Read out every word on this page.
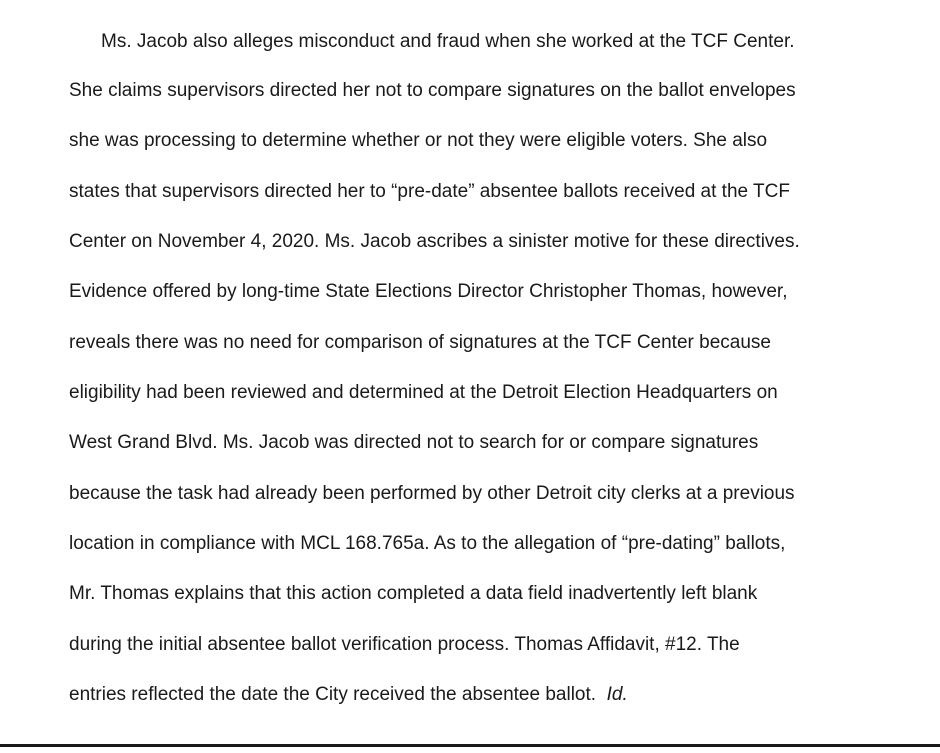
Ms. Jacob also alleges misconduct and fraud when she worked at the TCF Center.
She claims supervisors directed her not to compare signatures on the ballot envelopes
she was processing to determine whether or not they were eligible voters. She also
states that supervisors directed her to “pre-date” absentee ballots received at the TCF
Center on November 4, 2020. Ms. Jacob ascribes a sinister motive for these directives.
Evidence offered by long-time State Elections Director Christopher Thomas, however,
reveals there was no need for comparison of signatures at the TCF Center because
eligibility had been reviewed and determined at the Detroit Election Headquarters on
West Grand Blvd. Ms. Jacob was directed not to search for or compare signatures
because the task had already been performed by other Detroit city clerks at a previous
location in compliance with MCL 168.765a. As to the allegation of “pre-dating” ballots,
Mr. Thomas explains that this action completed a data field inadvertently left blank
during the initial absentee ballot verification process. Thomas Affidavit, #12. The
entries reflected the date the City received the absentee ballot. Id.
